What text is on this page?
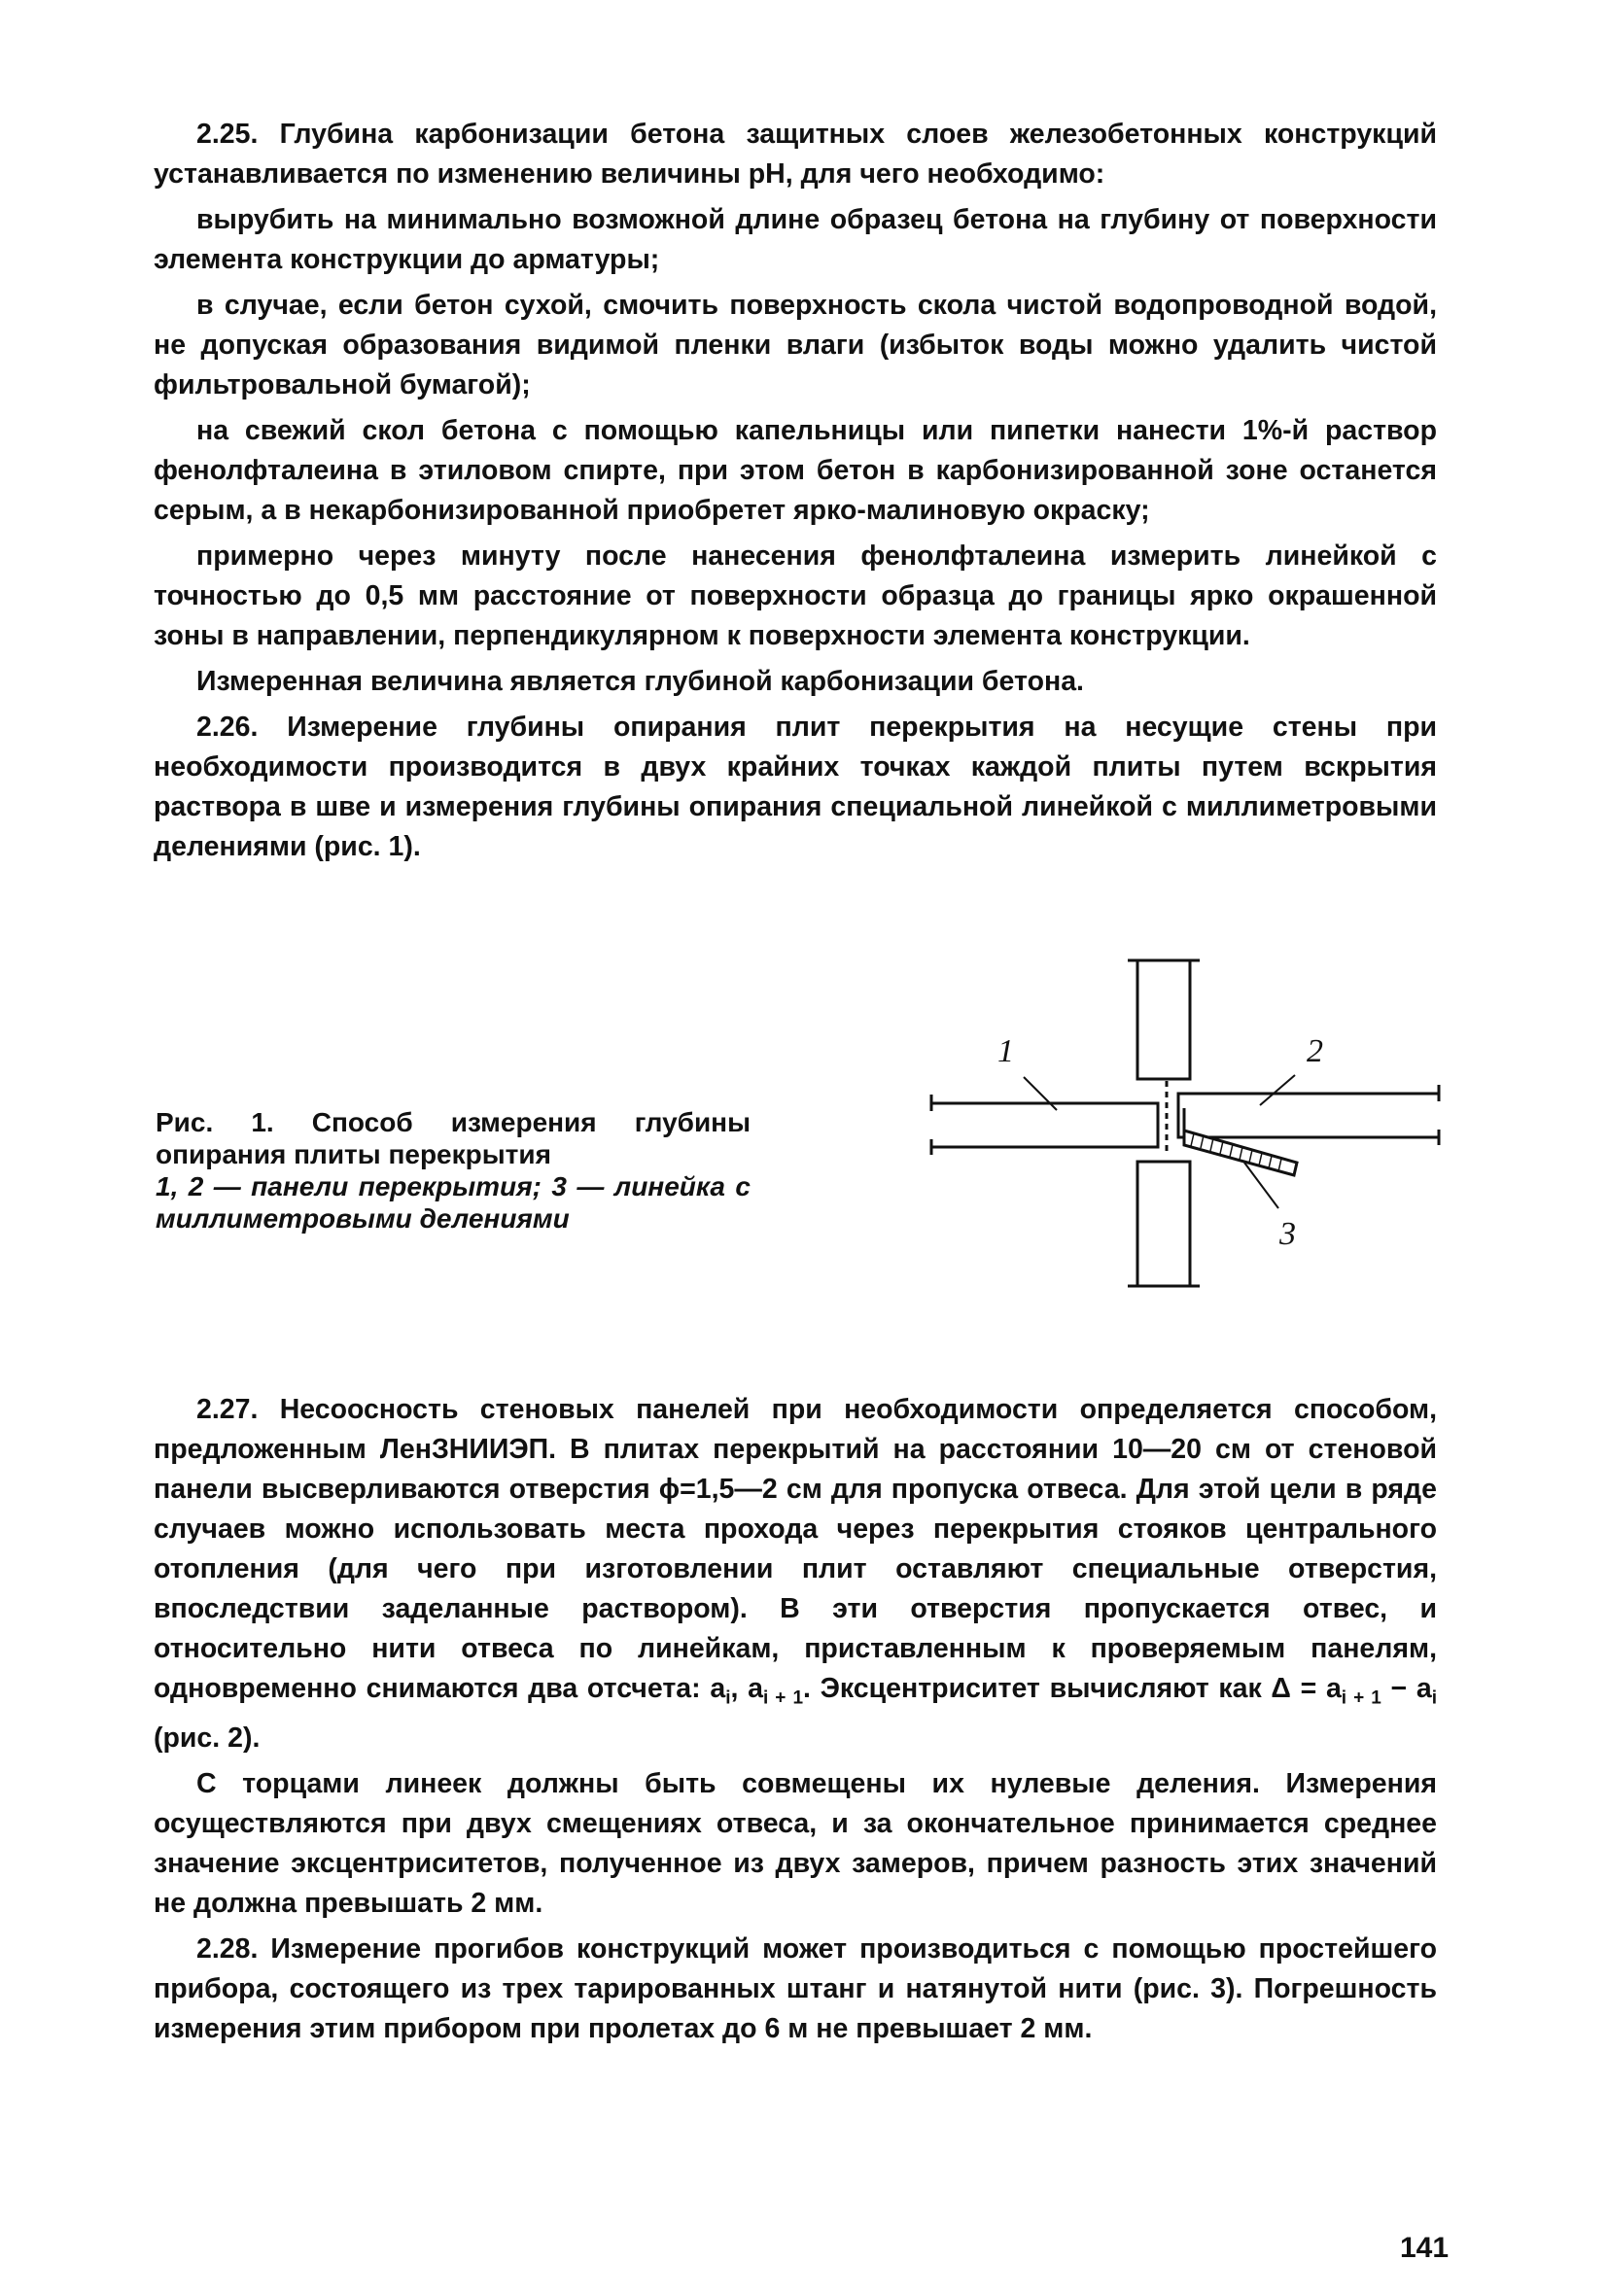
2.25. Глубина карбонизации бетона защитных слоев железобетонных конструкций устанавливается по изменению величины pH, для чего необходимо:

вырубить на минимально возможной длине образец бетона на глубину от поверхности элемента конструкции до арматуры;

в случае, если бетон сухой, смочить поверхность скола чистой водопроводной водой, не допуская образования видимой пленки влаги (избыток воды можно удалить чистой фильтровальной бумагой);

на свежий скол бетона с помощью капельницы или пипетки нанести 1%-й раствор фенолфталеина в этиловом спирте, при этом бетон в карбонизированной зоне останется серым, а в некарбонизированной приобретет ярко-малиновую окраску;

примерно через минуту после нанесения фенолфталеина измерить линейкой с точностью до 0,5 мм расстояние от поверхности образца до границы ярко окрашенной зоны в направлении, перпендикулярном к поверхности элемента конструкции.

Измеренная величина является глубиной карбонизации бетона.

2.26. Измерение глубины опирания плит перекрытия на несущие стены при необходимости производится в двух крайних точках каждой плиты путем вскрытия раствора в шве и измерения глубины опирания специальной линейкой с миллиметровыми делениями (рис. 1).

Рис. 1. Способ измерения глубины опирания плиты перекрытия
1, 2 — панели перекрытия; 3 — линейка с миллиметровыми делениями
1	2
3

2.27. Несоосность стеновых панелей при необходимости определяется способом, предложенным ЛенЗНИИЭП. В плитах перекрытий на расстоянии 10—20 см от стеновой панели высверливаются отверстия ϕ=1,5—2 см для пропуска отвеса. Для этой цели в ряде случаев можно использовать места прохода через перекрытия стояков центрального отопления (для чего при изготовлении плит оставляют специальные отверстия, впоследствии заделанные раствором). В эти отверстия пропускается отвес, и относительно нити отвеса по линейкам, приставленным к проверяемым панелям, одновременно снимаются два отсчета: $a_i$, $a_{i + 1}$. Эксцентриситет вычисляют как $\Delta = a_{i + 1} - a_i$ (рис. 2).

С торцами линеек должны быть совмещены их нулевые деления. Измерения осуществляются при двух смещениях отвеса, и за окончательное принимается среднее значение эксцентриситетов, полученное из двух замеров, причем разность этих значений не должна превышать 2 мм.

2.28. Измерение прогибов конструкций может производиться с помощью простейшего прибора, состоящего из трех тарированных штанг и натянутой нити (рис. 3). Погрешность измерения этим прибором при пролетах до 6 м не превышает 2 мм.

141
